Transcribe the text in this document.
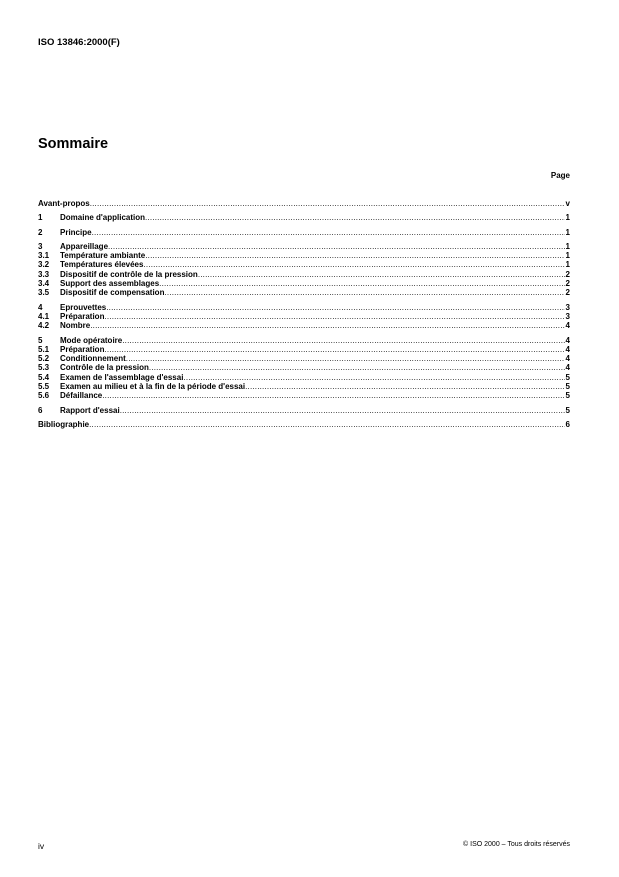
ISO 13846:2000(F)
Sommaire
Page
Avant-propos .....	v
1	Domaine d'application .....	1
2	Principe .....	1
3	Appareillage .....	1
3.1	Température ambiante .....	1
3.2	Températures élevées .....	1
3.3	Dispositif de contrôle de la pression .....	2
3.4	Support des assemblages .....	2
3.5	Dispositif de compensation .....	2
4	Eprouvettes .....	3
4.1	Préparation .....	3
4.2	Nombre .....	4
5	Mode opératoire .....	4
5.1	Préparation .....	4
5.2	Conditionnement .....	4
5.3	Contrôle de la pression .....	4
5.4	Examen de l'assemblage d'essai .....	5
5.5	Examen au milieu et à la fin de la période d'essai .....	5
5.6	Défaillance .....	5
6	Rapport d'essai .....	5
Bibliographie .....	6
iv	© ISO 2000 – Tous droits réservés
